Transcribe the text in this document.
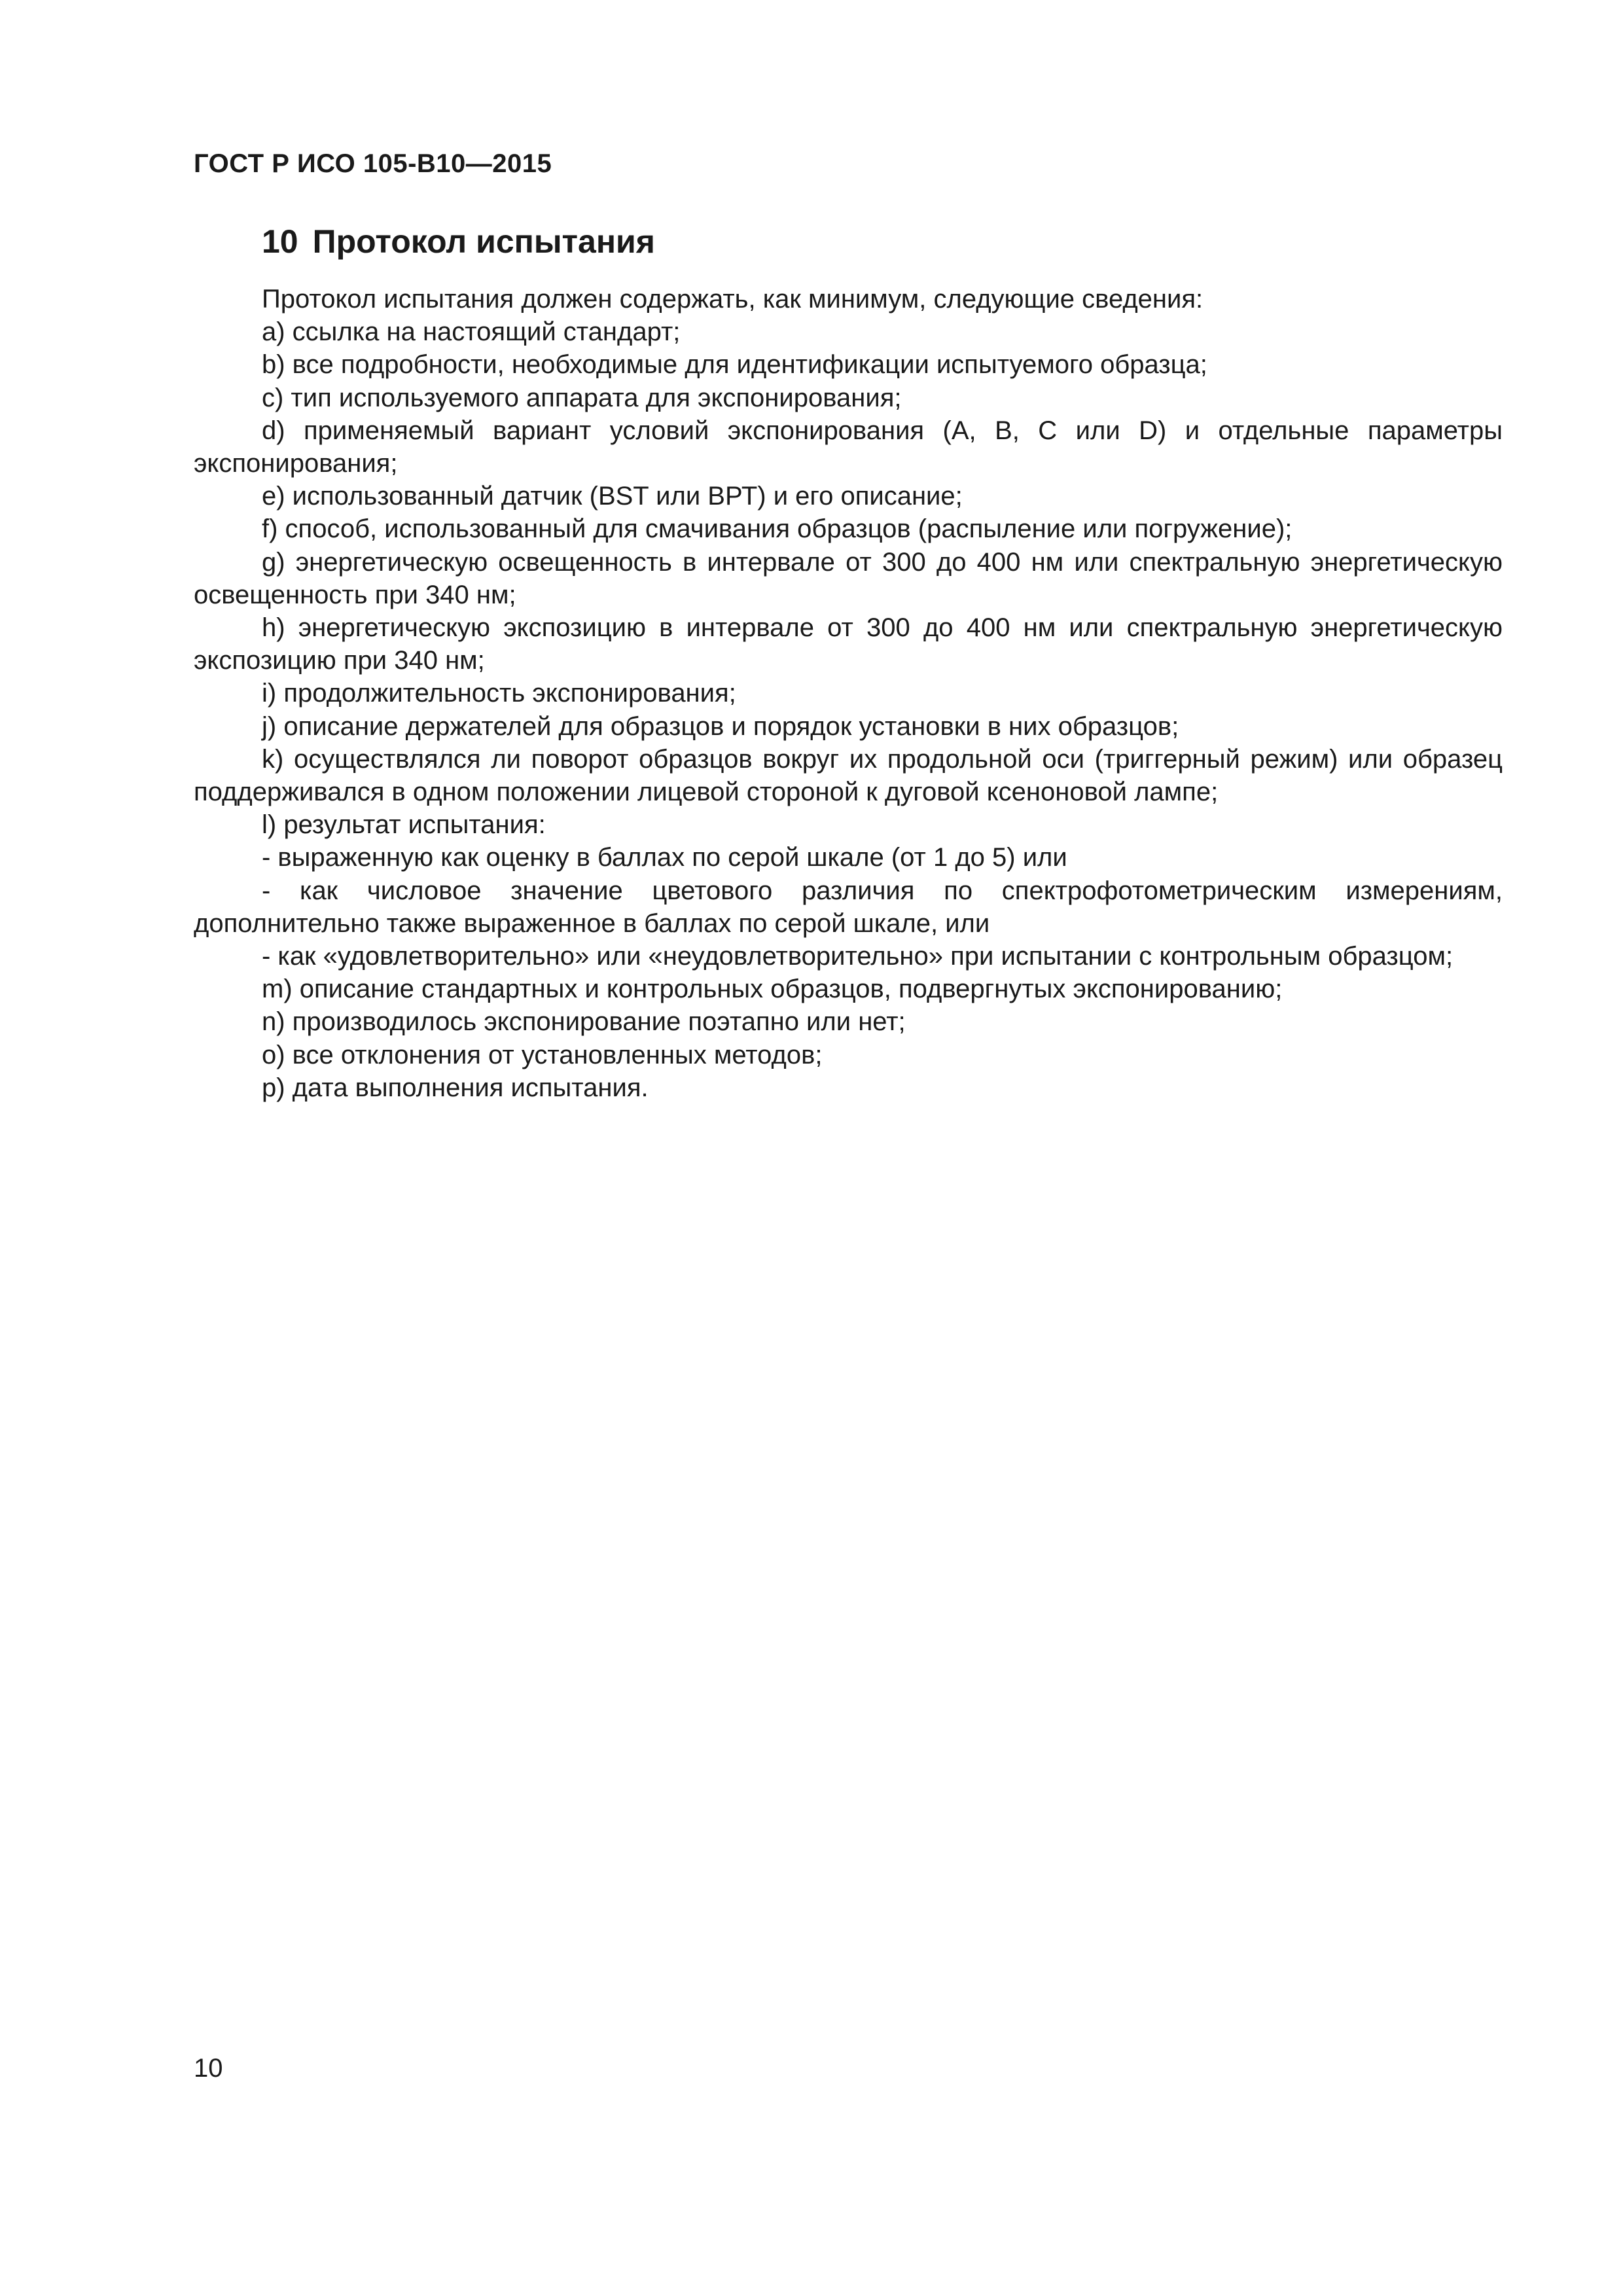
ГОСТ Р ИСО 105-В10—2015
10 Протокол испытания

Протокол испытания должен содержать, как минимум, следующие сведения:

а) ссылка на настоящий стандарт;

b) все подробности, необходимые для идентификации испытуемого образца;

с) тип используемого аппарата для экспонирования;

d) применяемый вариант условий экспонирования (А, В, С или D) и отдельные параметры экспонирования;

е) использованный датчик (BST или ВРТ) и его описание;

f) способ, использованный для смачивания образцов (распыление или погружение);

g) энергетическую освещенность в интервале от 300 до 400 нм или спектральную энергетическую освещенность при 340 нм;

h) энергетическую экспозицию в интервале от 300 до 400 нм или спектральную энергетическую экспозицию при 340 нм;

i) продолжительность экспонирования;

j) описание держателей для образцов и порядок установки в них образцов;

k) осуществлялся ли поворот образцов вокруг их продольной оси (триггерный режим) или образец поддерживался в одном положении лицевой стороной к дуговой ксеноновой лампе;

l) результат испытания:

- выраженную как оценку в баллах по серой шкале (от 1 до 5) или

- как числовое значение цветового различия по спектрофотометрическим измерениям, дополнительно также выраженное в баллах по серой шкале, или

- как «удовлетворительно» или «неудовлетворительно» при испытании с контрольным образцом;

m) описание стандартных и контрольных образцов, подвергнутых экспонированию;

n) производилось экспонирование поэтапно или нет;

о) все отклонения от установленных методов;

р) дата выполнения испытания.

10
